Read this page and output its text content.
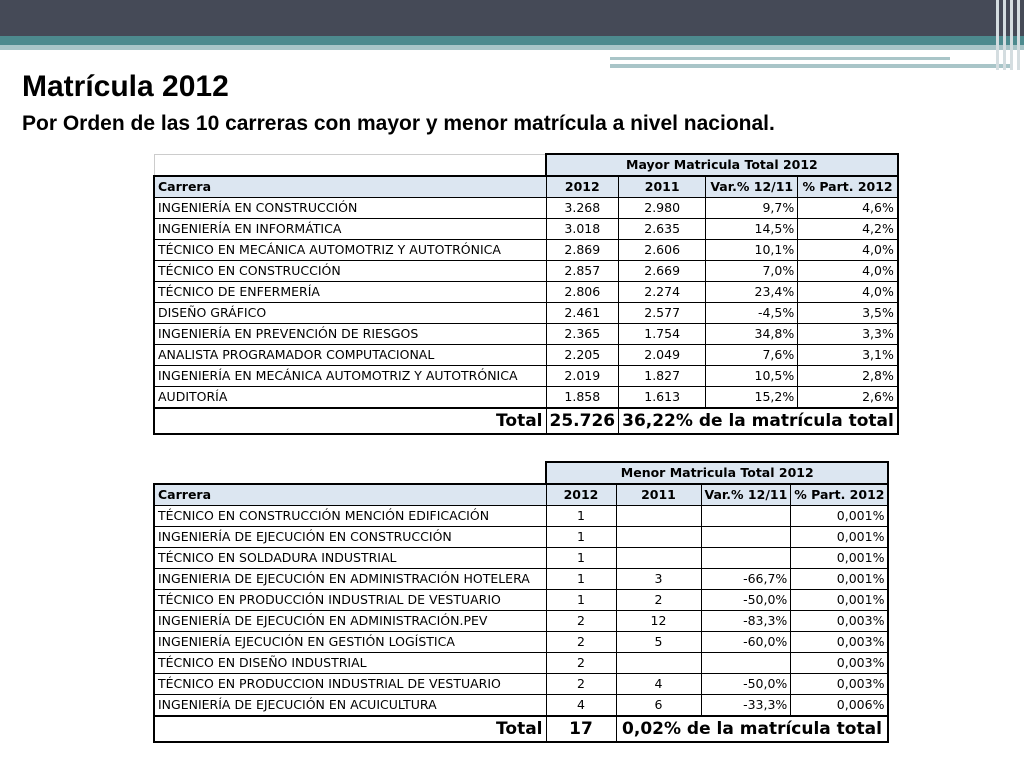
Matrícula 2012
Por Orden de las 10 carreras con mayor y menor matrícula a nivel nacional.
	Mayor Matricula Total 2012			
Carrera	2012	2011	Var.% 12/11	% Part. 2012
INGENIERÍA EN CONSTRUCCIÓN	3.268	2.980	9,7%	4,6%
INGENIERÍA EN INFORMÁTICA	3.018	2.635	14,5%	4,2%
TÉCNICO EN MECÁNICA AUTOMOTRIZ Y AUTOTRÓNICA	2.869	2.606	10,1%	4,0%
TÉCNICO EN CONSTRUCCIÓN	2.857	2.669	7,0%	4,0%
TÉCNICO DE ENFERMERÍA	2.806	2.274	23,4%	4,0%
DISEÑO GRÁFICO	2.461	2.577	-4,5%	3,5%
INGENIERÍA EN PREVENCIÓN DE RIESGOS	2.365	1.754	34,8%	3,3%
ANALISTA PROGRAMADOR COMPUTACIONAL	2.205	2.049	7,6%	3,1%
INGENIERÍA EN MECÁNICA AUTOMOTRIZ Y AUTOTRÓNICA	2.019	1.827	10,5%	2,8%
AUDITORÍA	1.858	1.613	15,2%	2,6%
Total	25.726	36,22% de la matrícula total		
	Menor Matricula Total 2012			
Carrera	2012	2011	Var.% 12/11	% Part. 2012
TÉCNICO EN CONSTRUCCIÓN MENCIÓN EDIFICACIÓN	1			0,001%
INGENIERÍA DE EJECUCIÓN EN CONSTRUCCIÓN	1			0,001%
TÉCNICO EN SOLDADURA INDUSTRIAL	1			0,001%
INGENIERIA DE EJECUCIÓN EN ADMINISTRACIÓN HOTELERA	1	3	-66,7%	0,001%
TÉCNICO EN PRODUCCIÓN INDUSTRIAL DE VESTUARIO	1	2	-50,0%	0,001%
INGENIERÍA DE EJECUCIÓN EN ADMINISTRACIÓN.PEV	2	12	-83,3%	0,003%
INGENIERÍA EJECUCIÓN EN GESTIÓN LOGÍSTICA	2	5	-60,0%	0,003%
TÉCNICO EN DISEÑO INDUSTRIAL	2			0,003%
TÉCNICO EN PRODUCCION INDUSTRIAL DE VESTUARIO	2	4	-50,0%	0,003%
INGENIERÍA DE EJECUCIÓN EN ACUICULTURA	4	6	-33,3%	0,006%
Total	17	0,02% de la matrícula total		
